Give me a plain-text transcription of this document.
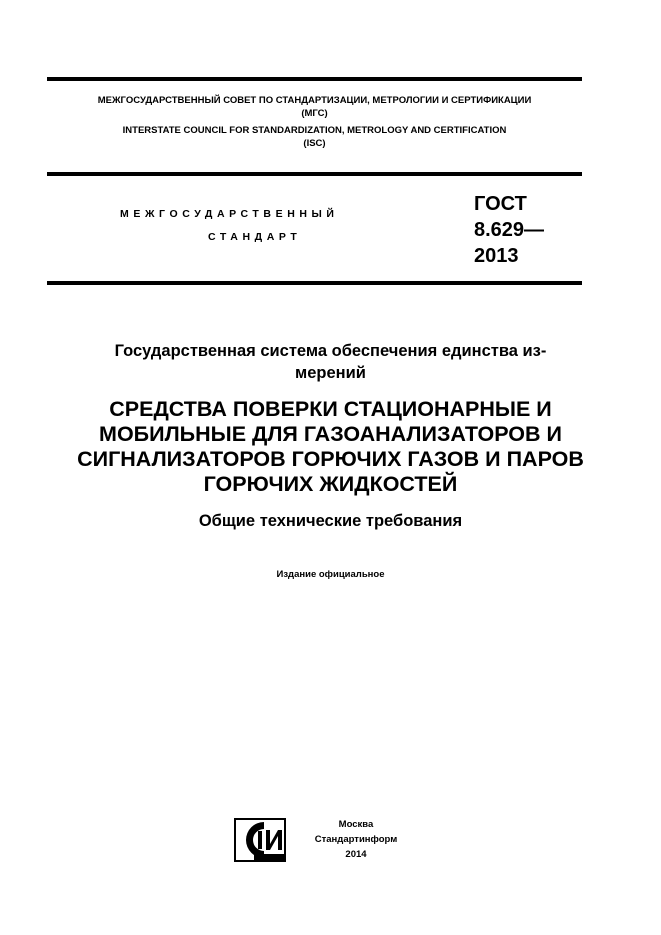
МЕЖГОСУДАРСТВЕННЫЙ СОВЕТ ПО СТАНДАРТИЗАЦИИ, МЕТРОЛОГИИ И СЕРТИФИКАЦИИ
(МГС)
INTERSTATE COUNCIL FOR STANDARDIZATION, METROLOGY AND CERTIFICATION
(ISC)
МЕЖГОСУДАРСТВЕННЫЙ
СТАНДАРТ
ГОСТ
8.629—
2013
Государственная система обеспечения единства из-
мерений
СРЕДСТВА ПОВЕРКИ СТАЦИОНАРНЫЕ И
МОБИЛЬНЫЕ ДЛЯ ГАЗОАНАЛИЗАТОРОВ И
СИГНАЛИЗАТОРОВ ГОРЮЧИХ ГАЗОВ И ПАРОВ
ГОРЮЧИХ ЖИДКОСТЕЙ
Общие технические требования
Издание официальное
Москва
Стандартинформ
2014
